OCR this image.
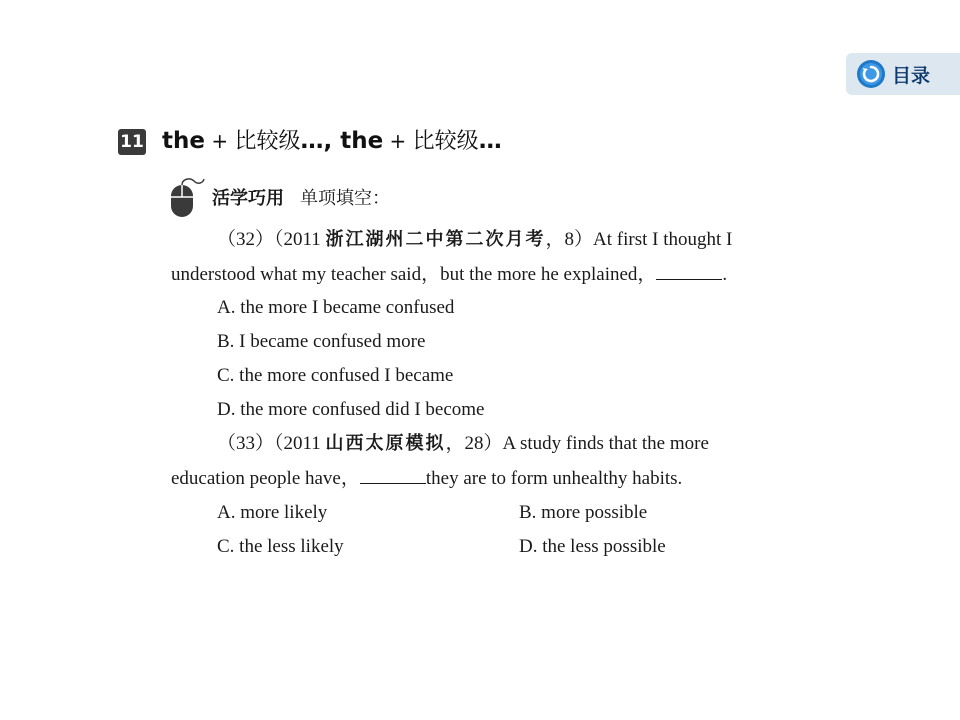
目录
11 the + 比较级…, the + 比较级…
活学巧用 单项填空：
（32）（2011 浙江湖州二中第二次月考，8）At first I thought I
understood what my teacher said，but the more he explained，	.
A. the more I became confused
B. I became confused more
C. the more confused I became
D. the more confused did I become
（33）（2011 山西太原模拟，28）A study finds that the more
education people have，	they are to form unhealthy habits.
A. more likely	B. more possible
C. the less likely	D. the less possible
